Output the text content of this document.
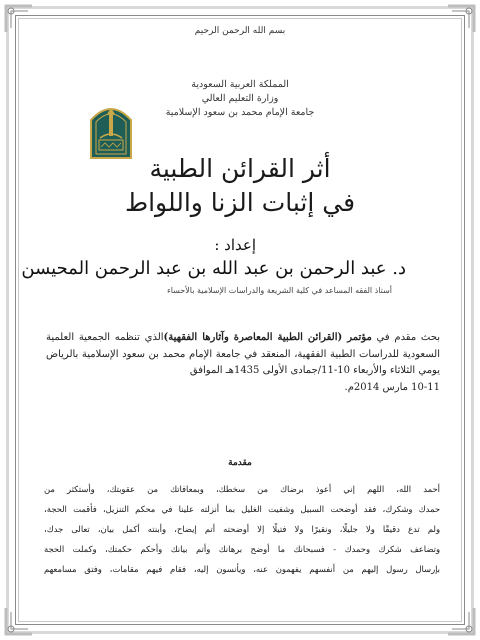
بسم الله الرحمن الرحيم
المملكة العربية السعودية
وزارة التعليم العالي
جامعة الإمام محمد بن سعود الإسلامية
أثر القرائن الطبية
في إثبات الزنا واللواط
إعداد :
د. عبد الرحمن بن عبد الله بن عبد الرحمن المحيسن
أستاذ الفقه المساعد في كلية الشريعة والدراسات الإسلامية بالأحساء
بحث مقدم في مؤتمر (القرائن الطبية المعاصرة وآثارها الفقهية)الذي تنظمه الجمعية العلمية السعودية للدراسات الطبية الفقهية، المنعقد في جامعة الإمام محمد بن سعود الإسلامية بالرياض يومي الثلاثاء والأربعاء 10-11/جمادى الأولى 1435هـ الموافق
10-11 مارس 2014م.
مقدمة
أحمد الله، اللهم إني أعوذ برضاك من سخطك، وبمعافاتك من عقوبتك، وأستكثر من
حمدك وشكرك، فقد أوضحت السبيل وشفيت الغليل بما أنزلته علينا في محكم التنزيل، فأقمت الحجة،
ولم تدع دقيقًا ولا جليلًا، ونقيرًا ولا فتيلًا إلا أوضحته أتم إيضاح، وأبنته أكمل بيان، تعالى جدك،
وتضاعف شكرك وحمدك - فسبحانك ما أوضح برهانك وأتم بيانك وأحكم حكمتك، وكملت الحجة
بإرسال رسول إليهم من أنفسهم يفهمون عنه، ويأنسون إليه، فقام فيهم مقامات، وفتق مسامعهم
